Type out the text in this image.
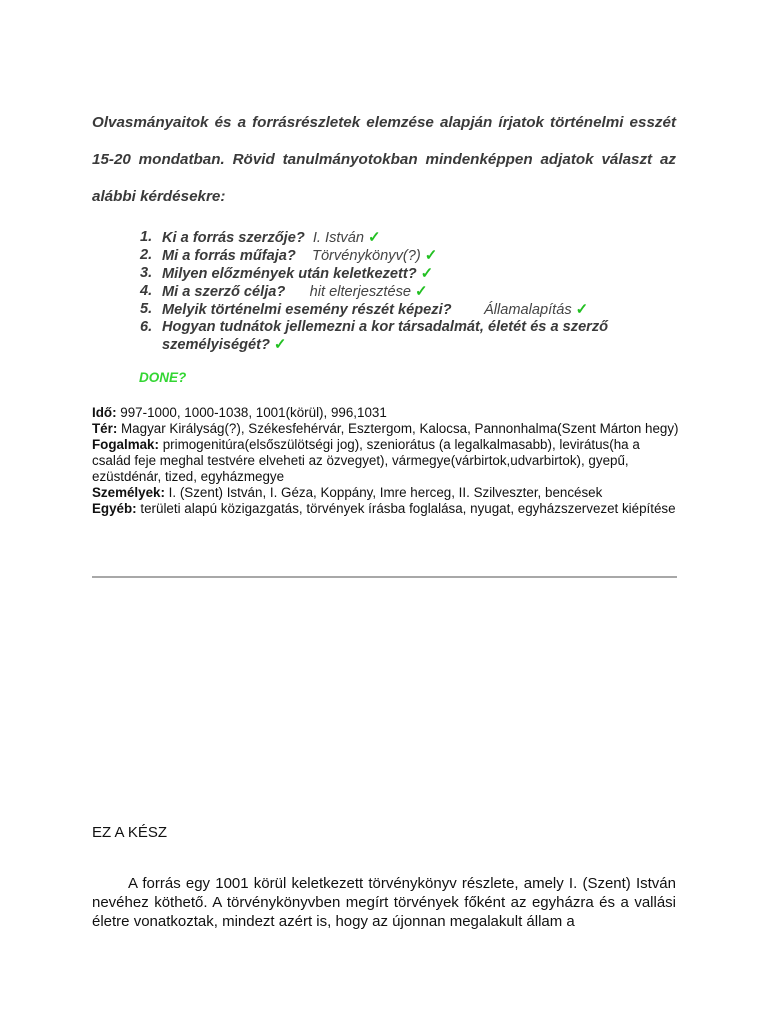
Olvasmányaitok és a forrásrészletek elemzése alapján írjatok történelmi esszét
15-20 mondatban. Rövid tanulmányotokban mindenképpen adjatok választ az
alábbi kérdésekre:
1. Ki a forrás szerzője? I. István ✓
2. Mi a forrás műfaja? Törvénykönyv(?) ✓
3. Milyen előzmények után keletkezett? ✓
4. Mi a szerző célja? hit elterjesztése ✓
5. Melyik történelmi esemény részét képezi? Államalapítás ✓
6. Hogyan tudnátok jellemezni a kor társadalmát, életét és a szerző személyiségét? ✓
DONE?

Idő: 997-1000, 1000-1038, 1001(körül), 996,1031

Tér: Magyar Királyság(?), Székesfehérvár, Esztergom, Kalocsa, Pannonhalma(Szent Márton hegy)

Fogalmak: primogenitúra(elsőszülötségi jog), szeniorátus (a legalkalmasabb), levirátus(ha a család feje meghal testvére elveheti az özvegyet), vármegye(várbirtok,udvarbirtok), gyepű, ezüstdénár, tized, egyházmegye

Személyek: I. (Szent) István, I. Géza, Koppány, Imre herceg, II. Szilveszter, bencések

Egyéb: területi alapú közigazgatás, törvények írásba foglalása, nyugat, egyházszervezet kiépítése

EZ A KÉSZ

A forrás egy 1001 körül keletkezett törvénykönyv részlete, amely I. (Szent) István nevéhez köthető. A törvénykönyvben megírt törvények főként az egyházra és a vallási életre vonatkoztak, mindezt azért is, hogy az újonnan megalakult állam a
